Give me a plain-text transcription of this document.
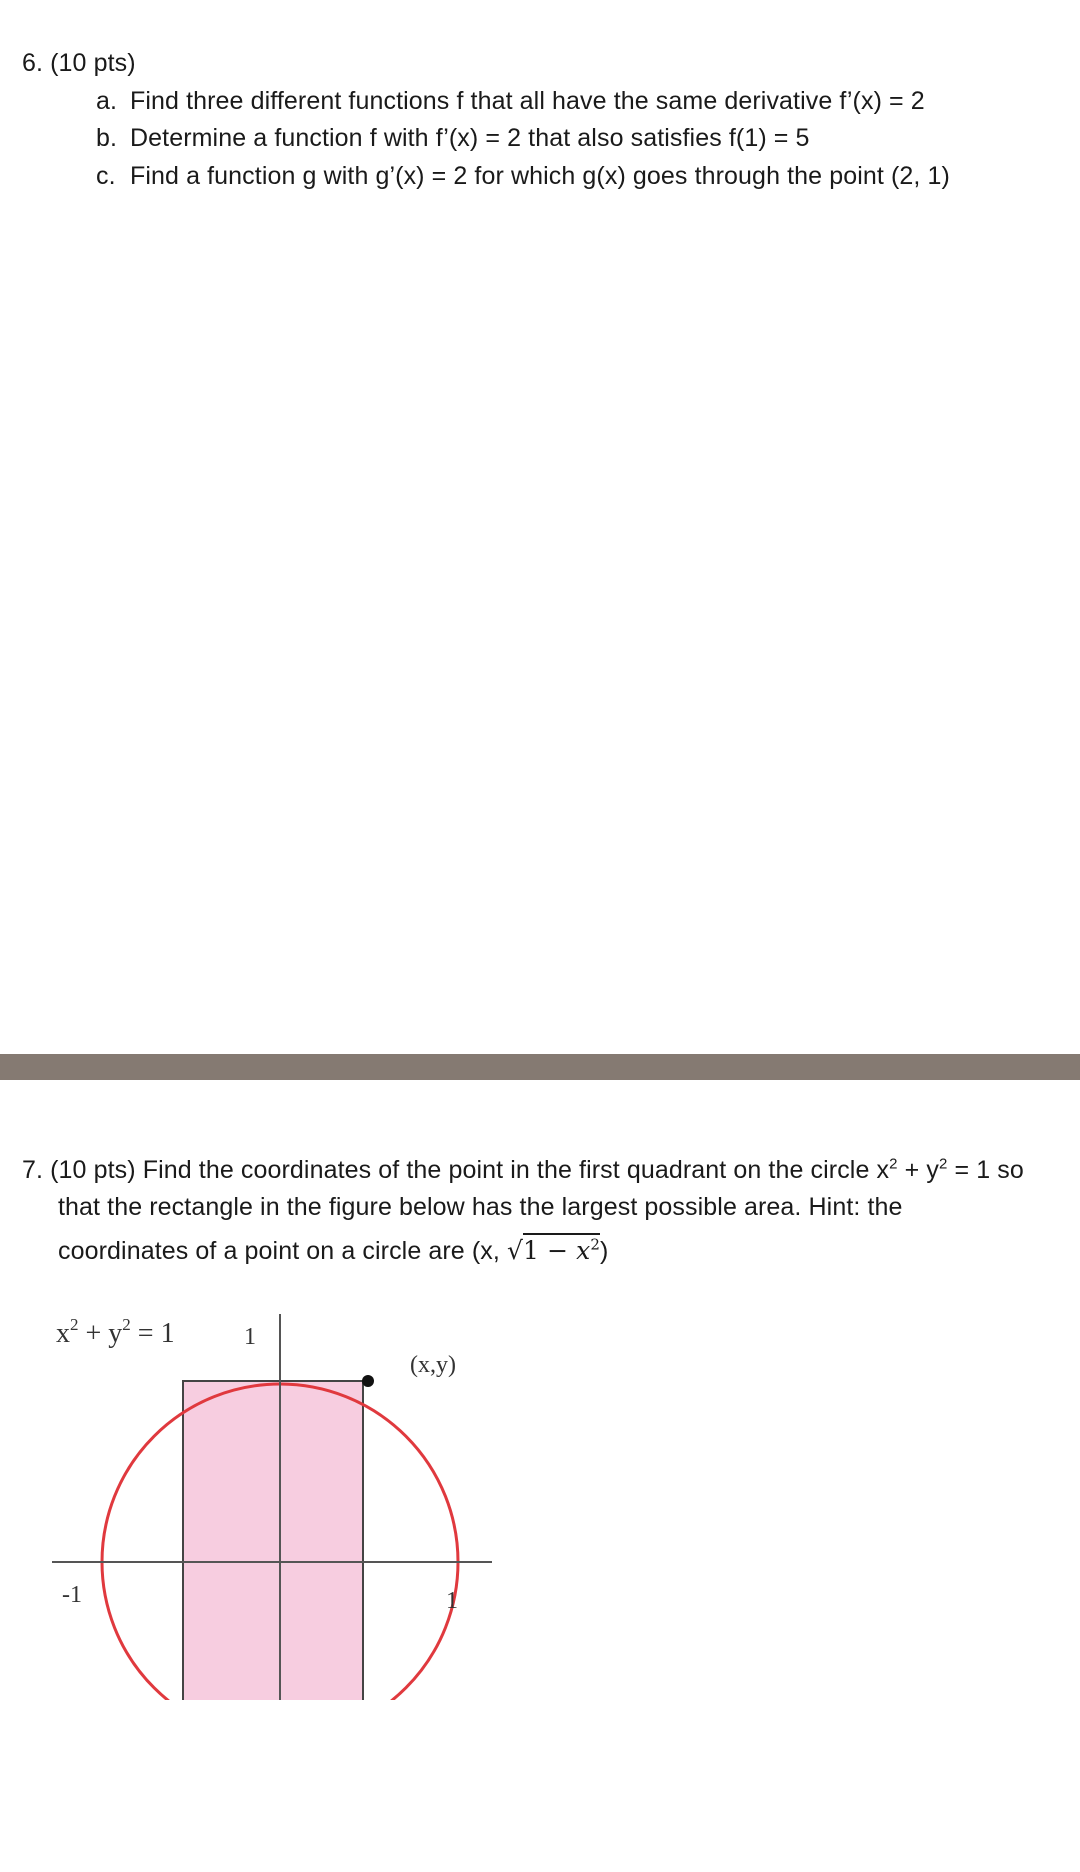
6. (10 pts)
a. Find three different functions f that all have the same derivative f’(x) = 2
b. Determine a function f with f’(x) = 2 that also satisfies f(1) = 5
c. Find a function g with g’(x) = 2 for which g(x) goes through the point (2, 1)
7. (10 pts) Find the coordinates of the point in the first quadrant on the circle $x^2 + y^2 = 1$ so
that the rectangle in the figure below has the largest possible area. Hint: the
coordinates of a point on a circle are (x, $√1 - x^2$)
$x^2 + y^2 = 1$	1
-1	1
(x,y)
